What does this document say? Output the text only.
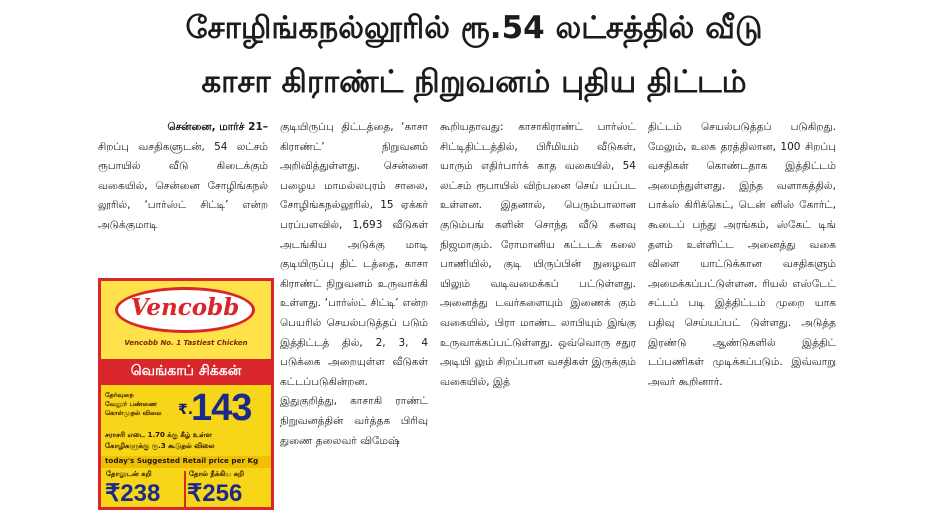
சோழிங்கநல்லூரில் ரூ.54 லட்சத்தில் வீடு
காசா கிராண்ட் நிறுவனம் புதிய திட்டம்

சென்னை, மார்ச் 21–

சிறப்பு வசதிகளுடன், 54 லட்சம் ரூபாயில் வீடு கிடைக்கும் வகையில், சென்னை சோழிங்கநல் லூரில், ‘பார்ஸ்ட் சிட்டி’ என்ற அடுக்குமாடி

குடியிருப்பு திட்டத்தை, ‘காசா கிராண்ட்’ நிறுவனம் அறிவித்துள்ளது. சென்னை பழைய மாமல்லபுரம் சாலை, சோழிங்கநல்லூரில், 15 ஏக்கர் பரப்பளவில், 1,693 வீடுகள் அடங்கிய அடுக்கு மாடி குடியிருப்பு திட் டத்தை, காசா கிராண்ட் நிறுவனம் உருவாக்கி உள்ளது. ‘பார்ஸ்ட் சிட்டி’ என்ற பெயரில் செயல்படுத்தப் படும் இத்திட்டத் தில், 2, 3, 4 படுக்கை அறையுள்ள வீடுகள் கட்டப்படுகின்றன. இதுகுறித்து, காசாகி ராண்ட் நிறுவனத்தின் வர்த்தக பிரிவு துணை தலைவர் விமேஷ்

கூறியதாவது: காசாகிராண்ட் பார்ஸ்ட் சிட்டிதிட்டத்தில், பிரீமியம் வீடுகள், யாரும் எதிர்பார்க் காத வகையில், 54 லட்சம் ரூபாயில் விற்பனை செய் யப்பட உள்ளன. இதனால், பெரும்பாலான குடும்பங் களின் சொந்த வீடு கனவு நிஜமாகும். ரோமானிய கட்டடக் கலை பாணியில், குடி யிருப்பின் நுழைவா யிலும் வடிவமைக்கப் பட்டுள்ளது. அனைத்து டவர்களையும் இணைக் கும் வகையில், பிரா மாண்ட லாபியும் இங்கு உருவாக்கப்பட்டுள்ளது. ஒவ்வொரு சதுர அடியி லும் சிறப்பான வசதிகள் இருக்கும் வகையில், இத்

திட்டம் செயல்படுத்தப் படுகிறது. மேலும், உலக தரத்திலான, 100 சிறப்பு வசதிகள் கொண்டதாக இத்திட்டம் அமைந்துள்ளது. இந்த வளாகத்தில், பாக்ஸ் கிரிக்கெட், டென் னிஸ் கோர்ட், கூடைப் பந்து அரங்கம், ஸ்கேட் டிங் தளம் உள்ளிட்ட அனைத்து வகை விளை யாட்டுக்கான வசதிகளும் அமைக்கப்பட்டுள்ளன. ரியல் எஸ்டேட் சட்டப் படி இத்திட்டம் முறை யாக பதிவு செய்யப்பட் டுள்ளது. அடுத்த இரண்டு ஆண்டுகளில் இத்திட் டப்பணிகள் முடிக்கப்படும். இவ்வாறு அவர் கூறினார்.

Vencobb
Vencobb No. 1 Tastiest Chicken
வெங்காப் சிக்கன்
தேர்வுநை
வேலூர் பண்ணை
கொள்முதல் விலை ₹.
143
சராசரி எடை 1.70 க்கு கீழ் உள்ள
கோழிகளுக்கு ரூ.3 கூடுதல் விலை
today's Suggested Retail price per Kg
தோலுடன் கறி	தோல் நீக்கிய கறி
₹238 ₹256
